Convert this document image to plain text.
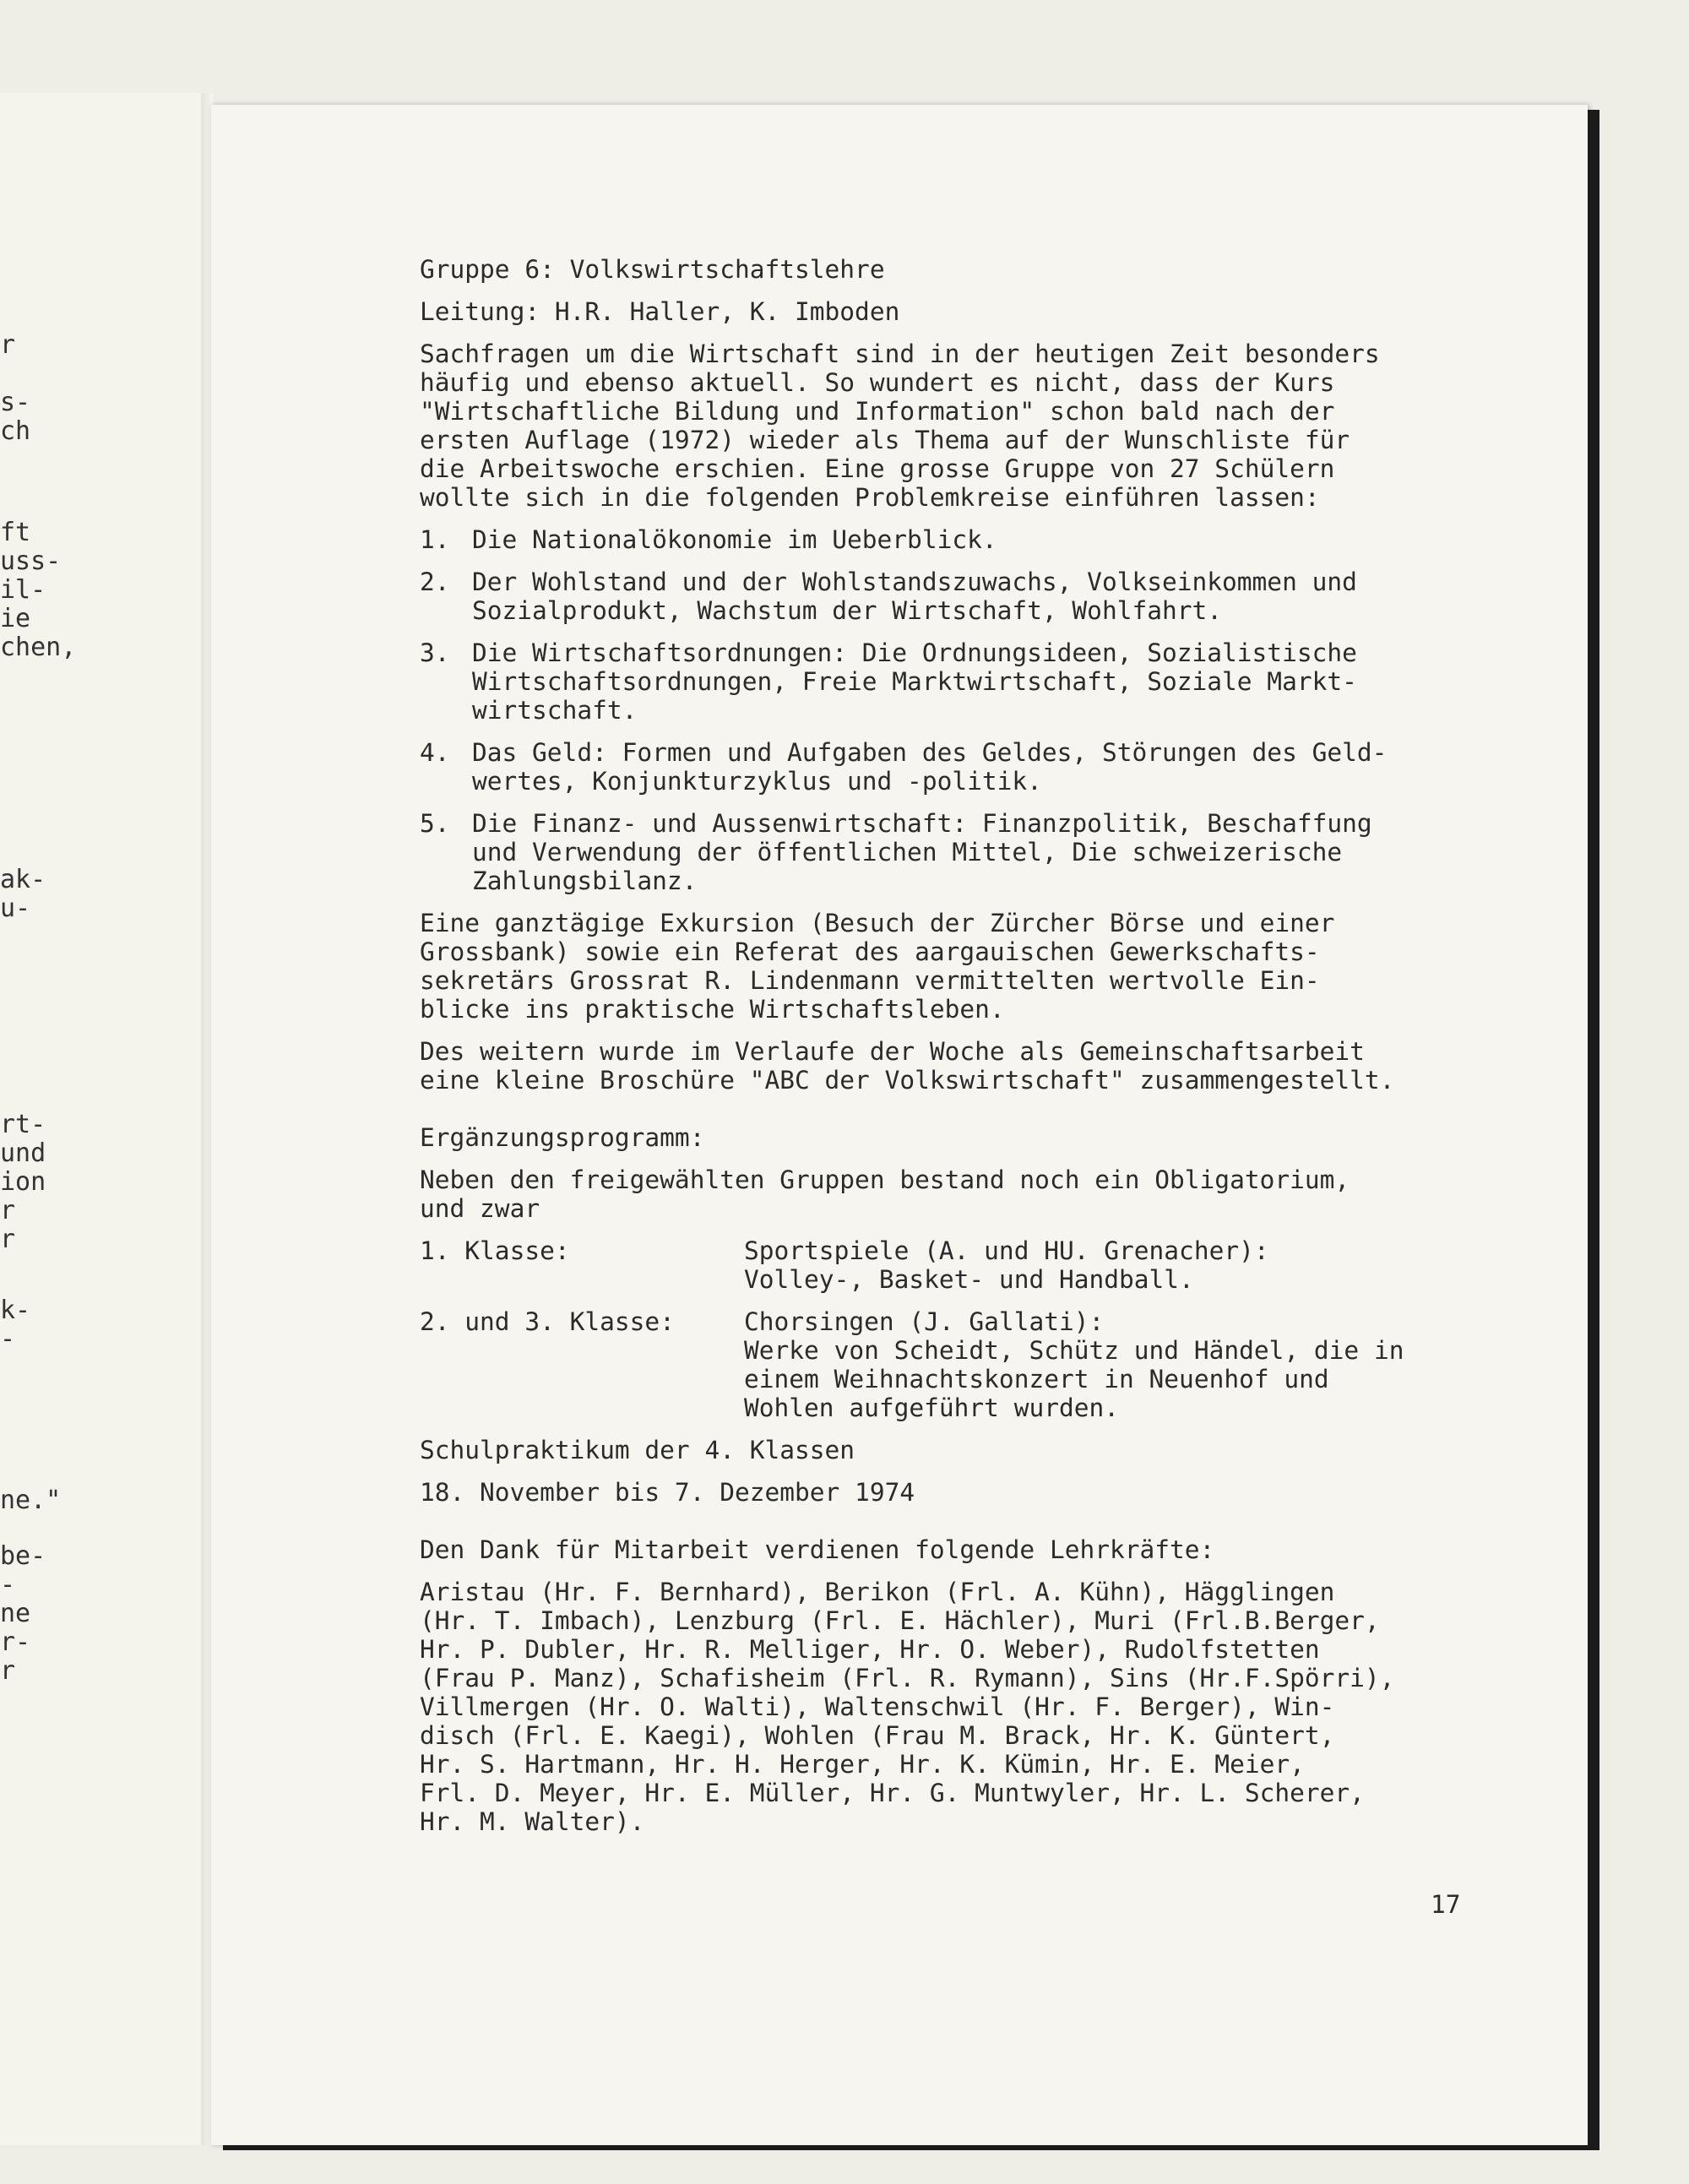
r
s-
ch
ft
uss-
il-
ie
chen,
ak-
u-
rt-
und
ion
r
r
k-
-
ne."
be-
-
ne
r-
r

Gruppe 6: Volkswirtschaftslehre

Leitung: H.R. Haller, K. Imboden

Sachfragen um die Wirtschaft sind in der heutigen Zeit besonders
häufig und ebenso aktuell. So wundert es nicht, dass der Kurs
"Wirtschaftliche Bildung und Information" schon bald nach der
ersten Auflage (1972) wieder als Thema auf der Wunschliste für
die Arbeitswoche erschien. Eine grosse Gruppe von 27 Schülern
wollte sich in die folgenden Problemkreise einführen lassen:

1. Die Nationalökonomie im Ueberblick.
2. Der Wohlstand und der Wohlstandszuwachs, Volkseinkommen und
Sozialprodukt, Wachstum der Wirtschaft, Wohlfahrt.
3. Die Wirtschaftsordnungen: Die Ordnungsideen, Sozialistische
Wirtschaftsordnungen, Freie Marktwirtschaft, Soziale Markt-
wirtschaft.
4. Das Geld: Formen und Aufgaben des Geldes, Störungen des Geld-
wertes, Konjunkturzyklus und -politik.
5. Die Finanz- und Aussenwirtschaft: Finanzpolitik, Beschaffung
und Verwendung der öffentlichen Mittel, Die schweizerische
Zahlungsbilanz.

Eine ganztägige Exkursion (Besuch der Zürcher Börse und einer
Grossbank) sowie ein Referat des aargauischen Gewerkschafts-
sekretärs Grossrat R. Lindenmann vermittelten wertvolle Ein-
blicke ins praktische Wirtschaftsleben.

Des weitern wurde im Verlaufe der Woche als Gemeinschaftsarbeit
eine kleine Broschüre "ABC der Volkswirtschaft" zusammengestellt.

Ergänzungsprogramm:

Neben den freigewählten Gruppen bestand noch ein Obligatorium,
und zwar

1. Klasse:	Sportspiele (A. und HU. Grenacher):
Volley-, Basket- und Handball.
2. und 3. Klasse:	Chorsingen (J. Gallati):
Werke von Scheidt, Schütz und Händel, die in
einem Weihnachtskonzert in Neuenhof und
Wohlen aufgeführt wurden.

Schulpraktikum der 4. Klassen

18. November bis 7. Dezember 1974

Den Dank für Mitarbeit verdienen folgende Lehrkräfte:

Aristau (Hr. F. Bernhard), Berikon (Frl. A. Kühn), Hägglingen
(Hr. T. Imbach), Lenzburg (Frl. E. Hächler), Muri (Frl.B.Berger,
Hr. P. Dubler, Hr. R. Melliger, Hr. O. Weber), Rudolfstetten
(Frau P. Manz), Schafisheim (Frl. R. Rymann), Sins (Hr.F.Spörri),
Villmergen (Hr. O. Walti), Waltenschwil (Hr. F. Berger), Win-
disch (Frl. E. Kaegi), Wohlen (Frau M. Brack, Hr. K. Güntert,
Hr. S. Hartmann, Hr. H. Herger, Hr. K. Kümin, Hr. E. Meier,
Frl. D. Meyer, Hr. E. Müller, Hr. G. Muntwyler, Hr. L. Scherer,
Hr. M. Walter).

17
